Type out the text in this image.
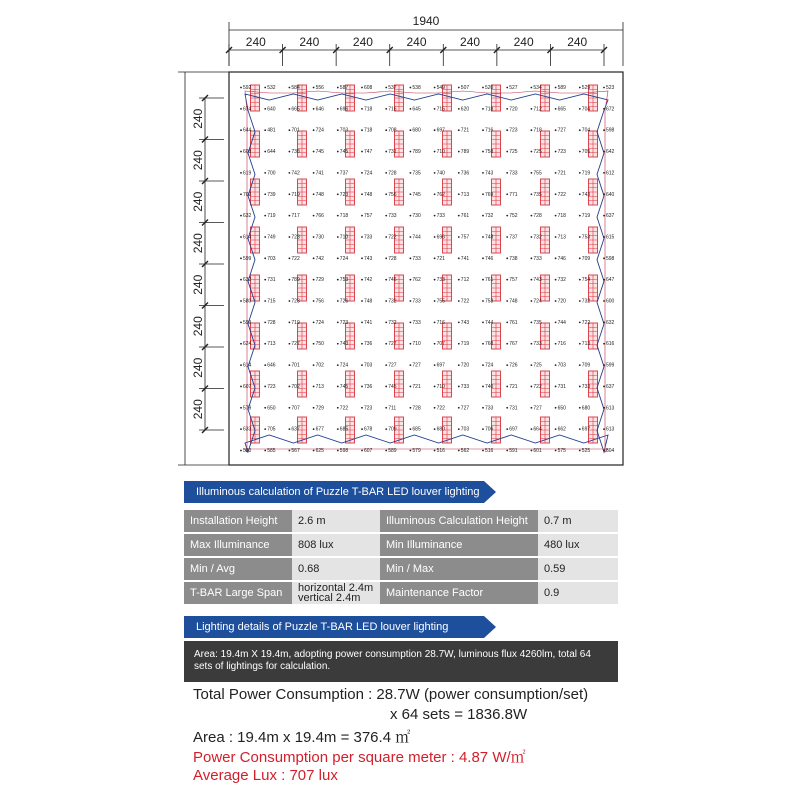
1940
240	240	240	240	240	240	240
240
240
240
240
240
240
240
240
592	532	584	556	587	608	537	538	549	507	520	527	534	589	529	523
674	640	665	646	696	718	716	645	715	620	718	720	712	665	704	672
644	481	701	724	703	718	708	680	697	721	716	723	718	727	704	598
608	644	738	745	745	747	731	789	710	789	758	725	725	723	705	642
619	700	742	741	737	724	728	735	740	736	743	733	755	721	719	612
702	739	719	748	723	748	756	745	762	713	769	771	735	722	743	640
632	719	717	766	718	757	733	730	733	761	732	752	728	718	719	637
614	749	723	730	710	733	722	744	696	757	748	737	732	713	753	615
599	703	722	742	724	743	728	733	721	741	746	738	733	746	709	598
632	731	789	729	753	742	746	762	733	712	761	757	743	732	754	647
580	715	723	756	726	748	732	733	755	722	753	748	724	720	732	600
599	728	719	724	723	741	732	733	716	743	744	761	735	744	722	632
624	713	727	750	743	736	727	710	707	719	768	767	733	716	713	616
614	646	701	702	724	703	727	727	697	720	724	726	725	703	709	599
607	723	702	713	745	736	745	721	710	733	740	721	722	731	733	637
579	650	707	729	722	723	711	728	722	727	733	731	727	650	680	613
633	705	637	677	685	678	709	685	680	703	706	697	664	662	697	613
580	585	567	625	598	607	589	579	516	562	516	591	601	575	525	504
Illuminous calculation of Puzzle T-BAR LED louver lighting
Installation Height	2.6 m	Illuminous Calculation Height	0.7 m
Max Illuminance	808 lux	Min Illuminance	480 lux
Min / Avg	0.68	Min / Max	0.59
T-BAR Large Span	horizontal 2.4m
vertical 2.4m	Maintenance Factor	0.9
Lighting details of Puzzle T-BAR LED louver lighting
Area: 19.4m X 19.4m, adopting power consumption 28.7W, luminous flux 4260lm, total 64 sets of lightings for calculation.
Total Power Consumption : 28.7W (power consumption/set)
x 64 sets = 1836.8W
Area : 19.4m x 19.4m = 376.4 ㎡
Power Consumption per square meter : 4.87 W/㎡
Average Lux : 707 lux
